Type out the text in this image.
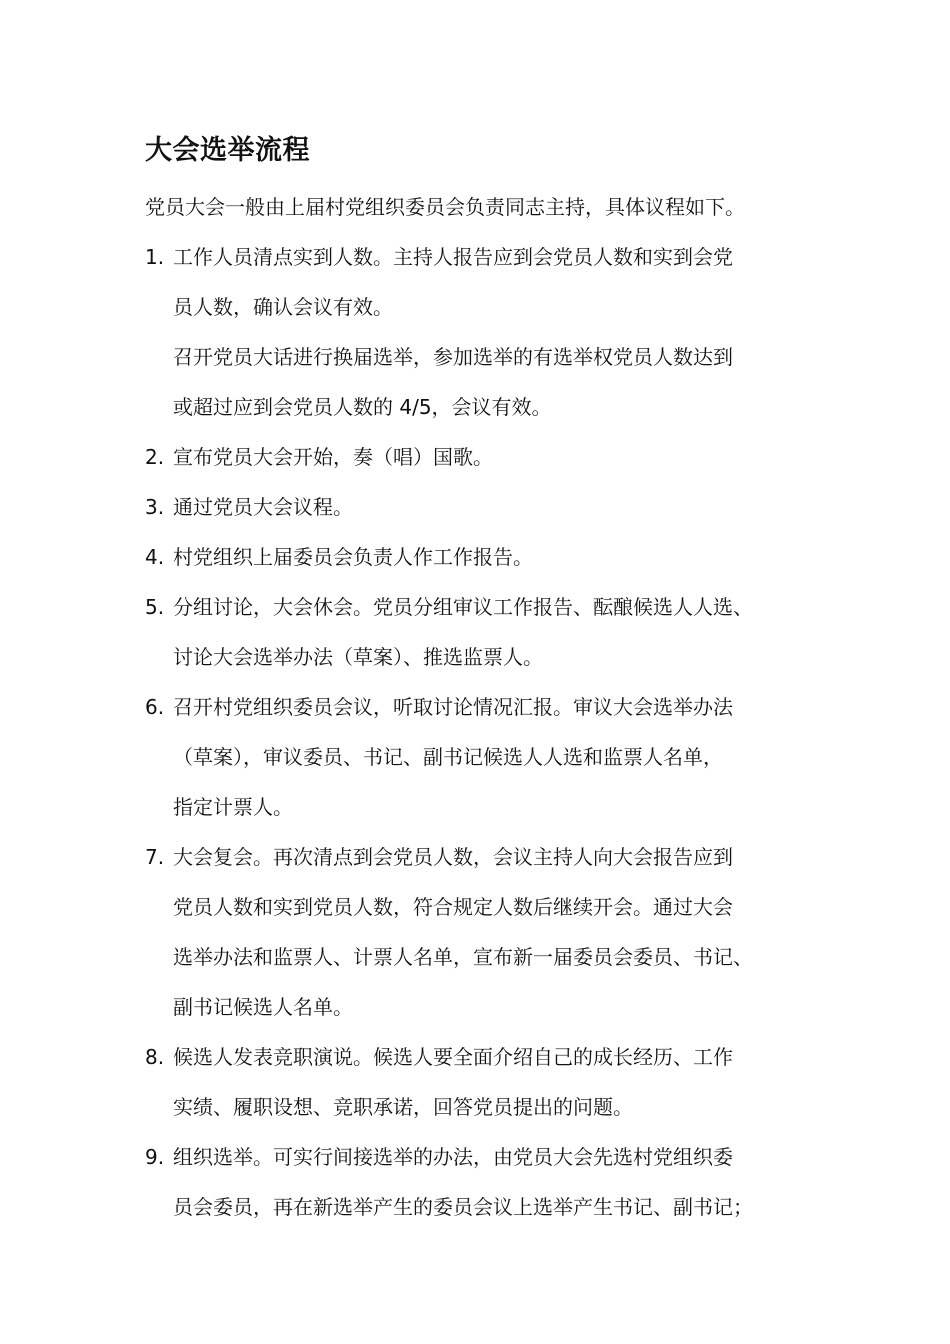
大会选举流程

党员大会一般由上届村党组织委员会负责同志主持，具体议程如下。

1. 工作人员清点实到人数。主持人报告应到会党员人数和实到会党
员人数，确认会议有效。
召开党员大话进行换届选举，参加选举的有选举权党员人数达到
或超过应到会党员人数的 4/5，会议有效。
2. 宣布党员大会开始，奏（唱）国歌。
3. 通过党员大会议程。
4. 村党组织上届委员会负责人作工作报告。
5. 分组讨论，大会休会。党员分组审议工作报告、酝酿候选人人选、
讨论大会选举办法（草案）、推选监票人。
6. 召开村党组织委员会议，听取讨论情况汇报。审议大会选举办法
（草案），审议委员、书记、副书记候选人人选和监票人名单，
指定计票人。
7. 大会复会。再次清点到会党员人数，会议主持人向大会报告应到
党员人数和实到党员人数，符合规定人数后继续开会。通过大会
选举办法和监票人、计票人名单，宣布新一届委员会委员、书记、
副书记候选人名单。
8. 候选人发表竞职演说。候选人要全面介绍自己的成长经历、工作
实绩、履职设想、竞职承诺，回答党员提出的问题。
9. 组织选举。可实行间接选举的办法，由党员大会先选村党组织委
员会委员，再在新选举产生的委员会议上选举产生书记、副书记；
